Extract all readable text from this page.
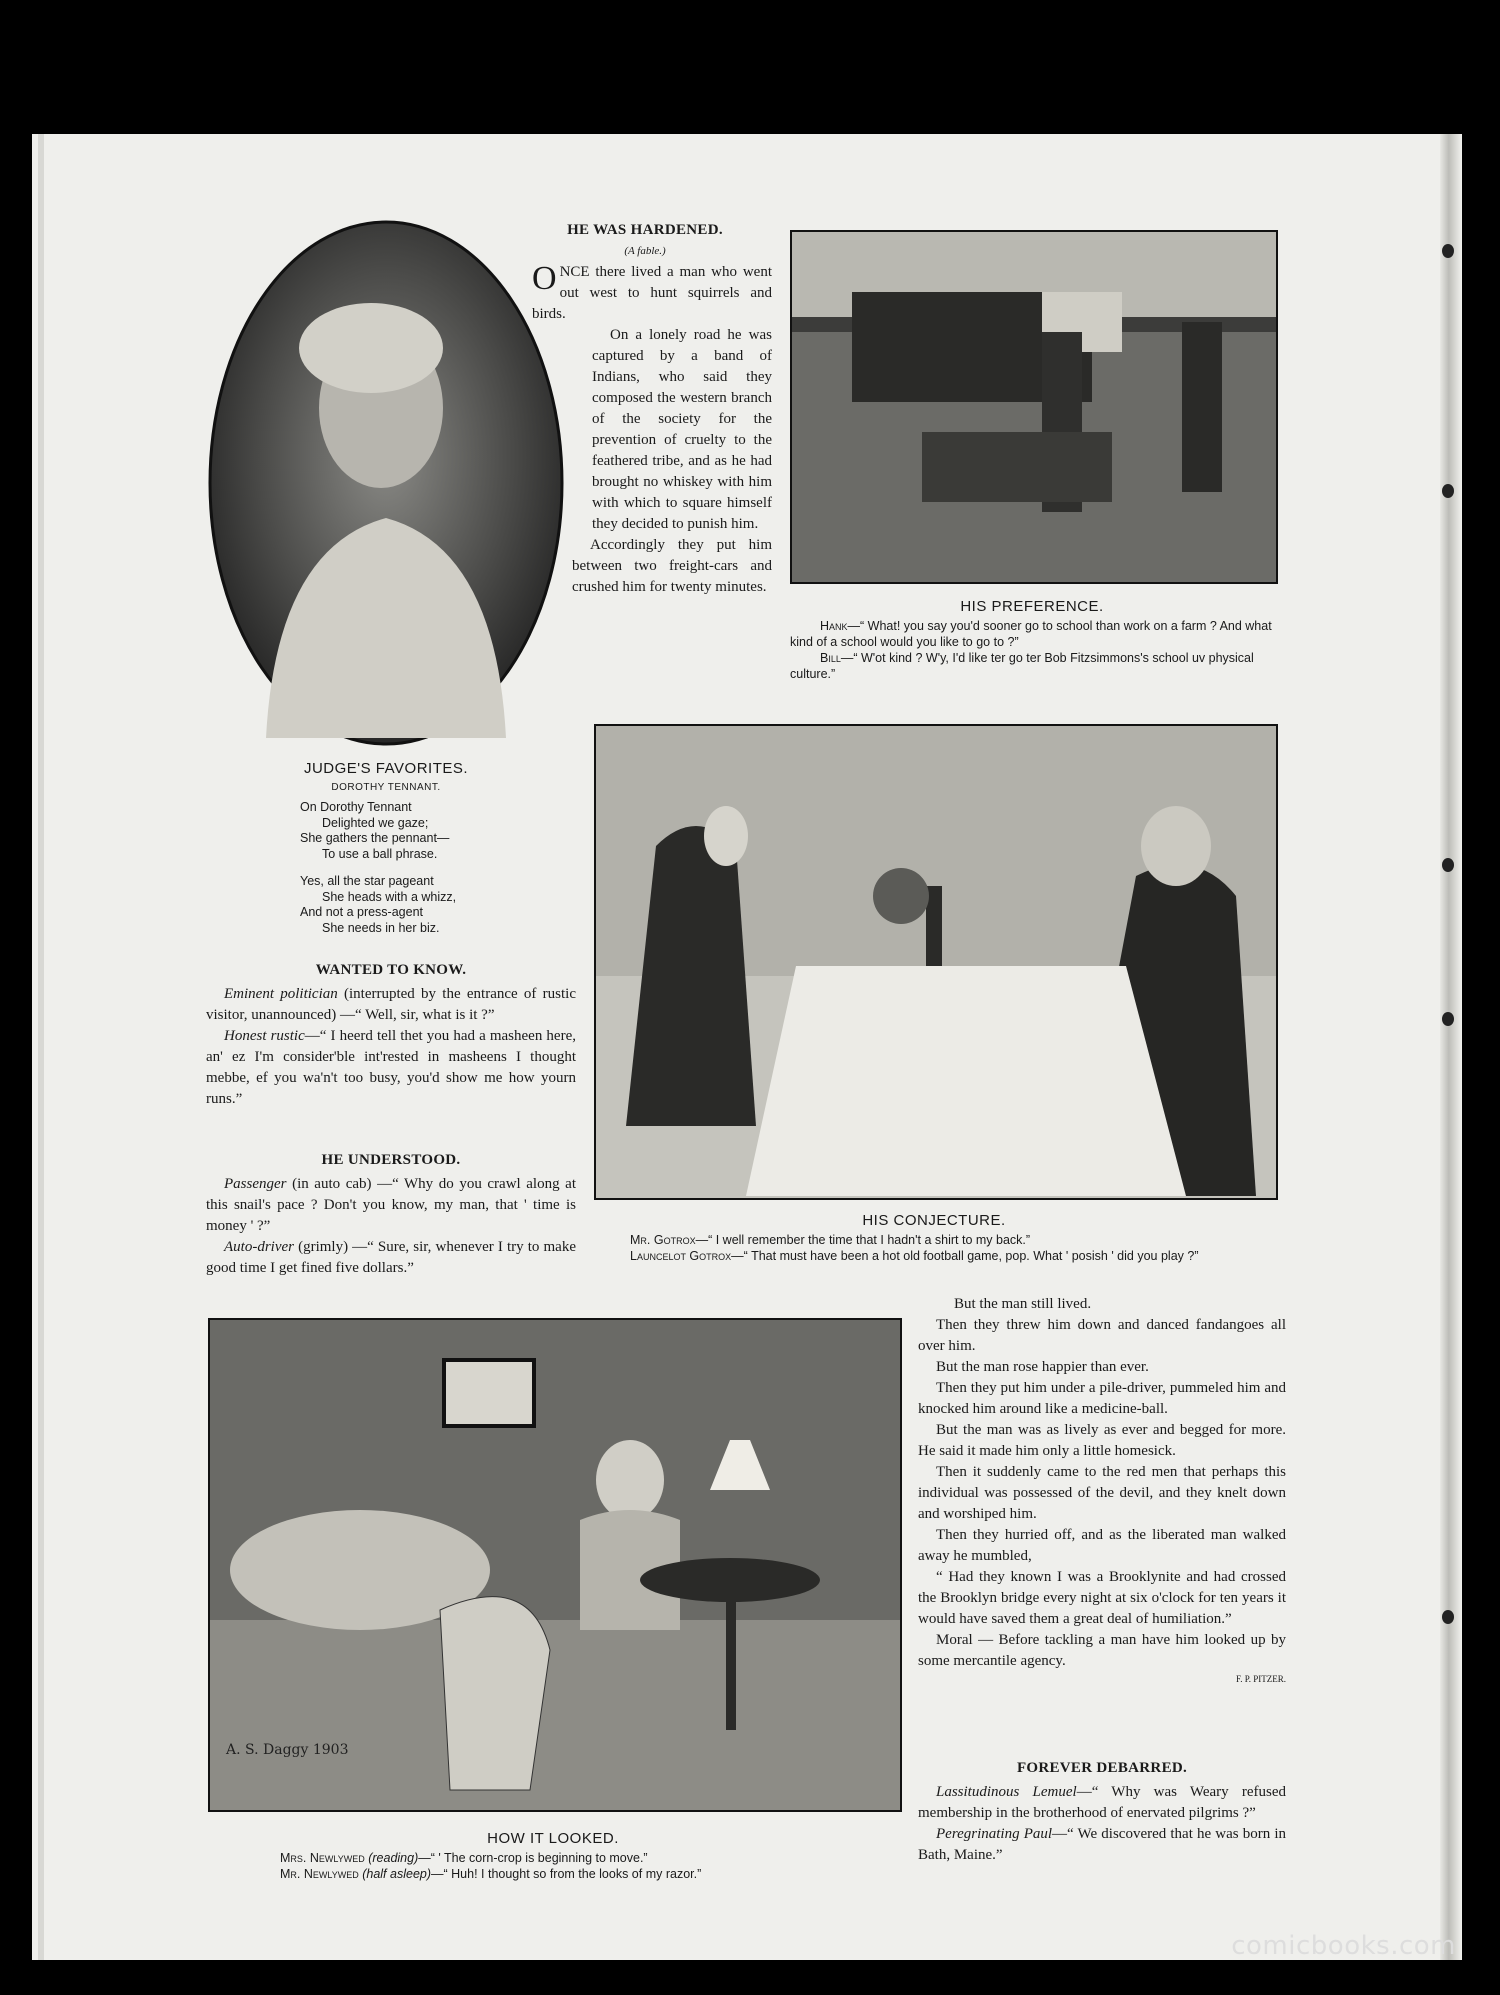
JUDGE'S FAVORITES.
DOROTHY TENNANT.
On Dorothy Tennant
Delighted we gaze;
She gathers the pennant—
To use a ball phrase.
Yes, all the star pageant
She heads with a whizz,
And not a press-agent
She needs in her biz.
HE WAS HARDENED.
(A fable.)

ONCE there lived a man who went out west to hunt squirrels and birds.

On a lonely road he was captured by a band of Indians, who said they composed the western branch of the society for the prevention of cruelty to the feathered tribe, and as he had brought no whiskey with him with which to square himself they decided to punish him.

Accordingly they put him between two freight-cars and crushed him for twenty minutes.

HIS PREFERENCE.
Hank—“ What! you say you'd sooner go to school than work on a farm ? And what kind of a school would you like to go to ?”
Bill—“ W'ot kind ? W'y, I'd like ter go ter Bob Fitzsimmons's school uv physical culture.”
HIS CONJECTURE.
Mr. Gotrox—“ I well remember the time that I hadn't a shirt to my back.”
Launcelot Gotrox—“ That must have been a hot old football game, pop. What ' posish ' did you play ?”
WANTED TO KNOW.

Eminent politician (interrupted by the entrance of rustic visitor, unannounced) —“ Well, sir, what is it ?”

Honest rustic—“ I heerd tell thet you had a masheen here, an' ez I'm consider'ble int'rested in masheens I thought mebbe, ef you wa'n't too busy, you'd show me how yourn runs.”

HE UNDERSTOOD.

Passenger (in auto cab) —“ Why do you crawl along at this snail's pace ? Don't you know, my man, that ' time is money ' ?”

Auto-driver (grimly) —“ Sure, sir, whenever I try to make good time I get fined five dollars.”

A. S. Daggy 1903
HOW IT LOOKED.
Mrs. Newlywed (reading)—“ ' The corn-crop is beginning to move.”
Mr. Newlywed (half asleep)—“ Huh! I thought so from the looks of my razor.”

But the man still lived.

Then they threw him down and danced fandangoes all over him.

But the man rose happier than ever.

Then they put him under a pile-driver, pummeled him and knocked him around like a medicine-ball.

But the man was as lively as ever and begged for more. He said it made him only a little homesick.

Then it suddenly came to the red men that perhaps this individual was possessed of the devil, and they knelt down and worshiped him.

Then they hurried off, and as the liberated man walked away he mumbled,

“ Had they known I was a Brooklynite and had crossed the Brooklyn bridge every night at six o'clock for ten years it would have saved them a great deal of humiliation.”

Moral — Before tackling a man have him looked up by some mercantile agency.

F. P. PITZER.
FOREVER DEBARRED.

Lassitudinous Lemuel—“ Why was Weary refused membership in the brotherhood of enervated pilgrims ?”

Peregrinating Paul—“ We discovered that he was born in Bath, Maine.”

comicbooks.com
